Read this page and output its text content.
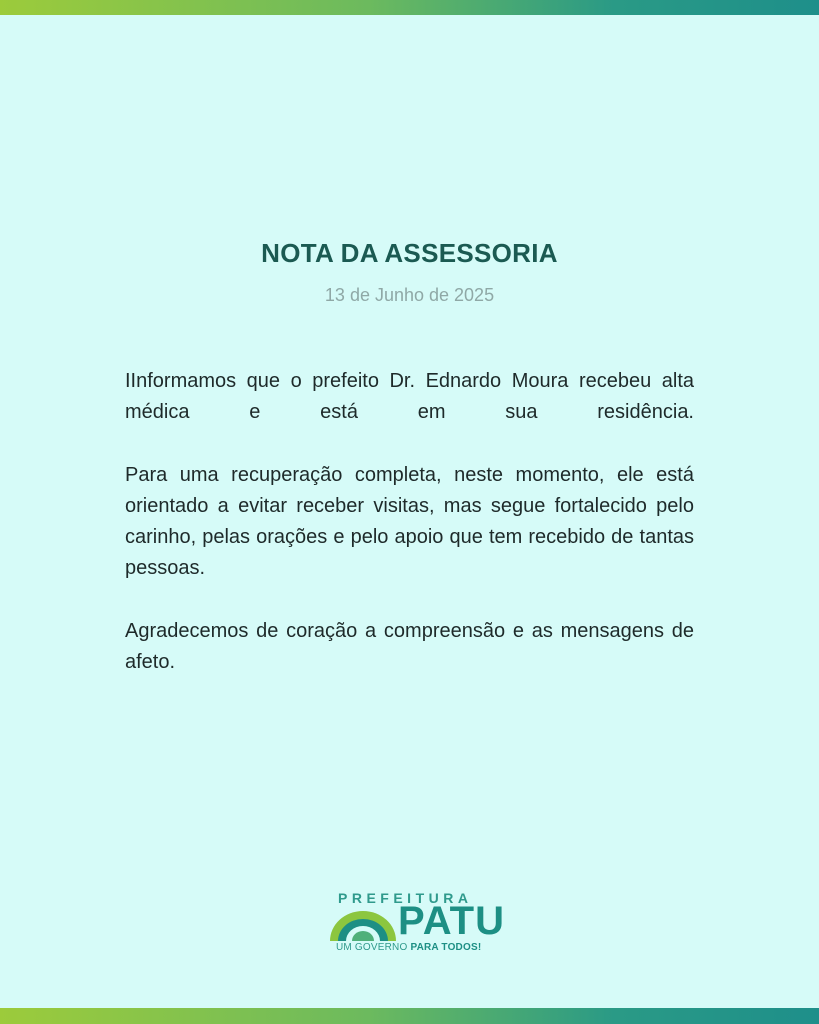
NOTA DA ASSESSORIA
13 de Junho de 2025

IInformamos que o prefeito Dr. Ednardo Moura recebeu alta médica e está em sua residência.

Para uma recuperação completa, neste momento, ele está orientado a evitar receber visitas, mas segue fortalecido pelo carinho, pelas orações e pelo apoio que tem recebido de tantas pessoas.

Agradecemos de coração a compreensão e as mensagens de afeto.

PREFEITURA
PATU
UM GOVERNO PARA TODOS!
